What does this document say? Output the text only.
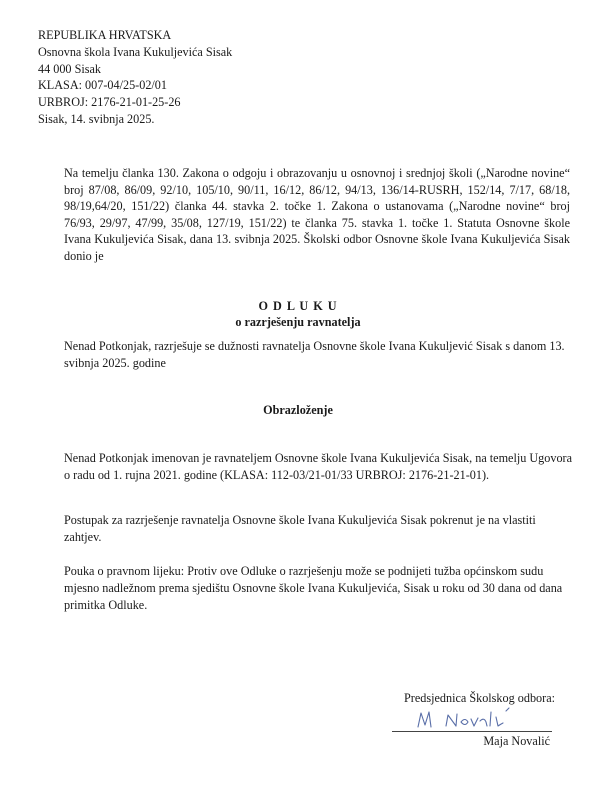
REPUBLIKA HRVATSKA
Osnovna škola Ivana Kukuljevića Sisak
44 000 Sisak
KLASA: 007-04/25-02/01
URBROJ: 2176-21-01-25-26
Sisak, 14. svibnja 2025.
Na temelju članka 130. Zakona o odgoju i obrazovanju u osnovnoj i srednjoj školi („Narodne novine“ broj 87/08, 86/09, 92/10, 105/10, 90/11, 16/12, 86/12, 94/13, 136/14-RUSRH, 152/14, 7/17, 68/18, 98/19,64/20, 151/22) članka 44. stavka 2. točke 1. Zakona o ustanovama („Narodne novine“ broj 76/93, 29/97, 47/99, 35/08, 127/19, 151/22) te članka 75. stavka 1. točke 1. Statuta Osnovne škole Ivana Kukuljevića Sisak, dana 13. svibnja 2025. Školski odbor Osnovne škole Ivana Kukuljevića Sisak donio je
O D L U K U
o razrješenju ravnatelja
Nenad Potkonjak, razrješuje se dužnosti ravnatelja Osnovne škole Ivana Kukuljević Sisak s danom 13. svibnja 2025. godine
Obrazloženje
Nenad Potkonjak imenovan je ravnateljem Osnovne škole Ivana Kukuljevića Sisak, na temelju Ugovora o radu od 1. rujna 2021. godine (KLASA: 112-03/21-01/33 URBROJ: 2176-21-21-01).
Postupak za razrješenje ravnatelja Osnovne škole Ivana Kukuljevića Sisak pokrenut je na vlastiti zahtjev.
Pouka o pravnom lijeku: Protiv ove Odluke o razrješenju može se podnijeti tužba općinskom sudu mjesno nadležnom prema sjedištu Osnovne škole Ivana Kukuljevića, Sisak u roku od 30 dana od dana primitka Odluke.
Predsjednica Školskog odbora:
Maja Novalić
